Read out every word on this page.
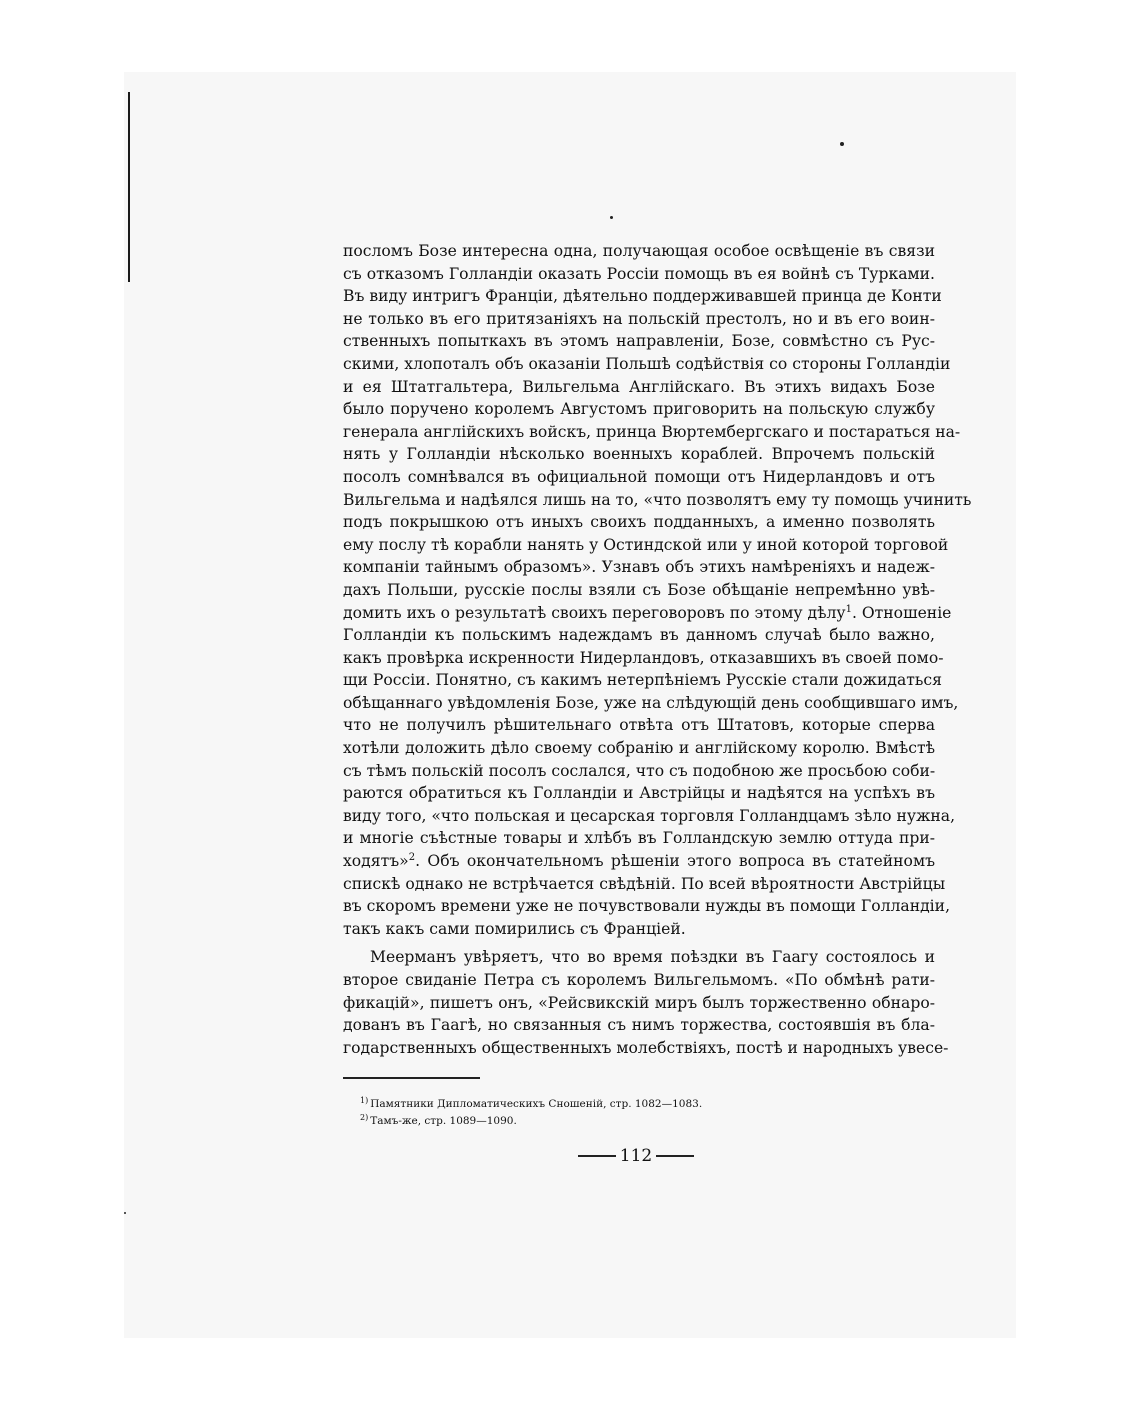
посломъ Бозе интересна одна, получающая особое освѣщеніе въ связи
съ отказомъ Голландіи оказать Россіи помощь въ ея войнѣ съ Турками.
Въ виду интригъ Франціи, дѣятельно поддерживавшей принца де Конти
не только въ его притязаніяхъ на польскій престолъ, но и въ его воин-
ственныхъ попыткахъ въ этомъ направленіи, Бозе, совмѣстно съ Рус-
скими, хлопоталъ объ оказаніи Польшѣ содѣйствія со стороны Голландіи
и ея Штатгальтера, Вильгельма Англійскаго. Въ этихъ видахъ Бозе
было поручено королемъ Августомъ приговорить на польскую службу
генерала англійскихъ войскъ, принца Вюртембергскаго и постараться на-
нять у Голландіи нѣсколько военныхъ кораблей. Впрочемъ польскій
посолъ сомнѣвался въ официальной помощи отъ Нидерландовъ и отъ
Вильгельма и надѣялся лишь на то, «что позволятъ ему ту помощь учинить
подъ покрышкою отъ иныхъ своихъ подданныхъ, а именно позволять
ему послу тѣ корабли нанять у Остиндской или у иной которой торговой
компаніи тайнымъ образомъ». Узнавъ объ этихъ намѣреніяхъ и надеж-
дахъ Польши, русскіе послы взяли съ Бозе обѣщаніе непремѣнно увѣ-
домить ихъ о результатѣ своихъ переговоровъ по этому дѣлу$^1$. Отношеніе
Голландіи къ польскимъ надеждамъ въ данномъ случаѣ было важно,
какъ провѣрка искренности Нидерландовъ, отказавшихъ въ своей помо-
щи Россіи. Понятно, съ какимъ нетерпѣніемъ Русскіе стали дожидаться
обѣщаннаго увѣдомленія Бозе, уже на слѣдующій день сообщившаго имъ,
что не получилъ рѣшительнаго отвѣта отъ Штатовъ, которые сперва
хотѣли доложить дѣло своему собранію и англійскому королю. Вмѣстѣ
съ тѣмъ польскій посолъ сослался, что съ подобною же просьбою соби-
раются обратиться къ Голландіи и Австрійцы и надѣятся на успѣхъ въ
виду того, «что польская и цесарская торговля Голландцамъ зѣло нужна,
и многіе съѣстные товары и хлѣбъ въ Голландскую землю оттуда при-
ходятъ»$^2$. Объ окончательномъ рѣшеніи этого вопроса въ статейномъ
спискѣ однако не встрѣчается свѣдѣній. По всей вѣроятности Австрійцы
въ скоромъ времени уже не почувствовали нужды въ помощи Голландіи,
такъ какъ сами помирились съ Франціей.
Меерманъ увѣряетъ, что во время поѣздки въ Гаагу состоялось и
второе свиданіе Петра съ королемъ Вильгельмомъ. «По обмѣнѣ рати-
фикацій», пишетъ онъ, «Рейсвикскій миръ былъ торжественно обнаро-
дованъ въ Гаагѣ, но связанныя съ нимъ торжества, состоявшія въ бла-
годарственныхъ общественныхъ молебствіяхъ, постѣ и народныхъ увесе-
$^{1)}$ Памятники Дипломатическихъ Сношеній, стр. 1082—1083.
$^{2)}$ Тамъ-же, стр. 1089—1090.
112
